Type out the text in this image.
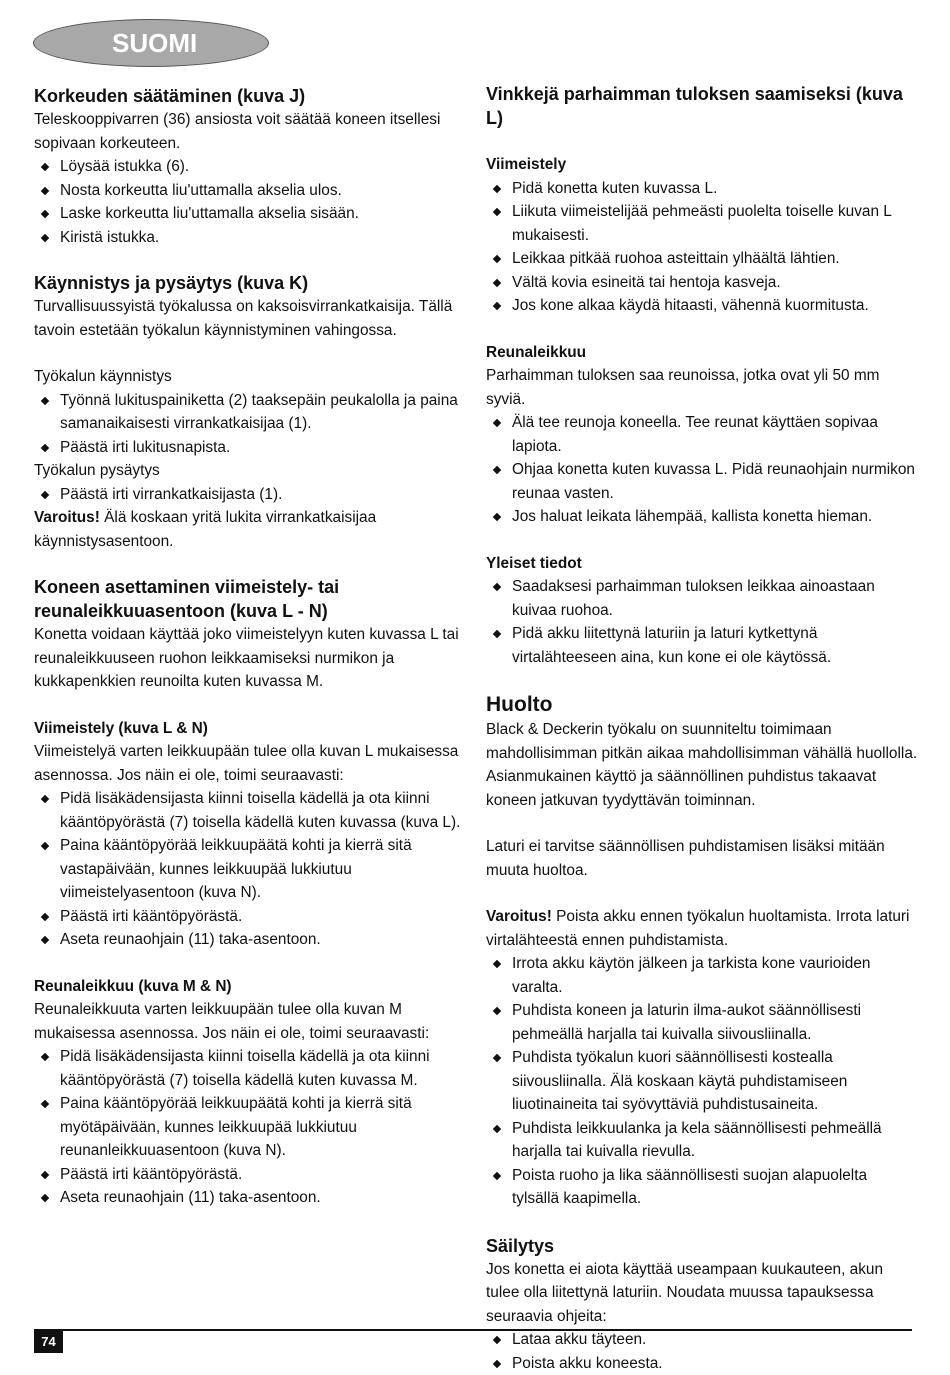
SUOMI
Korkeuden säätäminen (kuva J)

Teleskooppivarren (36) ansiosta voit säätää koneen itsellesi sopivaan korkeuteen.

Löysää istukka (6).
Nosta korkeutta liu'uttamalla akselia ulos.
Laske korkeutta liu'uttamalla akselia sisään.
Kiristä istukka.
Käynnistys ja pysäytys (kuva K)

Turvallisuussyistä työkalussa on kaksoisvirrankatkaisija. Tällä tavoin estetään työkalun käynnistyminen vahingossa.

Työkalun käynnistys

Työnnä lukituspainiketta (2) taaksepäin peukalolla ja paina samanaikaisesti virrankatkaisijaa (1).
Päästä irti lukitusnapista.

Työkalun pysäytys

Päästä irti virrankatkaisijasta (1).

Varoitus! Älä koskaan yritä lukita virrankatkaisijaa käynnistysasentoon.

Koneen asettaminen viimeistely- tai reunaleikkuuasentoon (kuva L - N)

Konetta voidaan käyttää joko viimeistelyyn kuten kuvassa L tai reunaleikkuuseen ruohon leikkaamiseksi nurmikon ja kukkapenkkien reunoilta kuten kuvassa M.

Viimeistely (kuva L & N)

Viimeistelyä varten leikkuupään tulee olla kuvan L mukaisessa asennossa. Jos näin ei ole, toimi seuraavasti:

Pidä lisäkädensijasta kiinni toisella kädellä ja ota kiinni kääntöpyörästä (7) toisella kädellä kuten kuvassa (kuva L).
Paina kääntöpyörää leikkuupäätä kohti ja kierrä sitä vastapäivään, kunnes leikkuupää lukkiutuu viimeistelyasentoon (kuva N).
Päästä irti kääntöpyörästä.
Aseta reunaohjain (11) taka-asentoon.
Reunaleikkuu (kuva M & N)

Reunaleikkuuta varten leikkuupään tulee olla kuvan M mukaisessa asennossa. Jos näin ei ole, toimi seuraavasti:

Pidä lisäkädensijasta kiinni toisella kädellä ja ota kiinni kääntöpyörästä (7) toisella kädellä kuten kuvassa M.
Paina kääntöpyörää leikkuupäätä kohti ja kierrä sitä myötäpäivään, kunnes leikkuupää lukkiutuu reunanleikkuuasentoon (kuva N).
Päästä irti kääntöpyörästä.
Aseta reunaohjain (11) taka-asentoon.
Vinkkejä parhaimman tuloksen saamiseksi (kuva L)
Viimeistely
Pidä konetta kuten kuvassa L.
Liikuta viimeistelijää pehmeästi puolelta toiselle kuvan L mukaisesti.
Leikkaa pitkää ruohoa asteittain ylhäältä lähtien.
Vältä kovia esineitä tai hentoja kasveja.
Jos kone alkaa käydä hitaasti, vähennä kuormitusta.
Reunaleikkuu

Parhaimman tuloksen saa reunoissa, jotka ovat yli 50 mm syviä.

Älä tee reunoja koneella. Tee reunat käyttäen sopivaa lapiota.
Ohjaa konetta kuten kuvassa L. Pidä reunaohjain nurmikon reunaa vasten.
Jos haluat leikata lähempää, kallista konetta hieman.
Yleiset tiedot
Saadaksesi parhaimman tuloksen leikkaa ainoastaan kuivaa ruohoa.
Pidä akku liitettynä laturiin ja laturi kytkettynä virtalähteeseen aina, kun kone ei ole käytössä.
Huolto

Black & Deckerin työkalu on suunniteltu toimimaan mahdollisimman pitkän aikaa mahdollisimman vähällä huollolla. Asianmukainen käyttö ja säännöllinen puhdistus takaavat koneen jatkuvan tyydyttävän toiminnan.

Laturi ei tarvitse säännöllisen puhdistamisen lisäksi mitään muuta huoltoa.

Varoitus! Poista akku ennen työkalun huoltamista. Irrota laturi virtalähteestä ennen puhdistamista.

Irrota akku käytön jälkeen ja tarkista kone vaurioiden varalta.
Puhdista koneen ja laturin ilma-aukot säännöllisesti pehmeällä harjalla tai kuivalla siivousliinalla.
Puhdista työkalun kuori säännöllisesti kostealla siivousliinalla. Älä koskaan käytä puhdistamiseen liuotinaineita tai syövyttäviä puhdistusaineita.
Puhdista leikkuulanka ja kela säännöllisesti pehmeällä harjalla tai kuivalla rievulla.
Poista ruoho ja lika säännöllisesti suojan alapuolelta tylsällä kaapimella.
Säilytys

Jos konetta ei aiota käyttää useampaan kuukauteen, akun tulee olla liitettynä laturiin. Noudata muussa tapauksessa seuraavia ohjeita:

Lataa akku täyteen.
Poista akku koneesta.
74
